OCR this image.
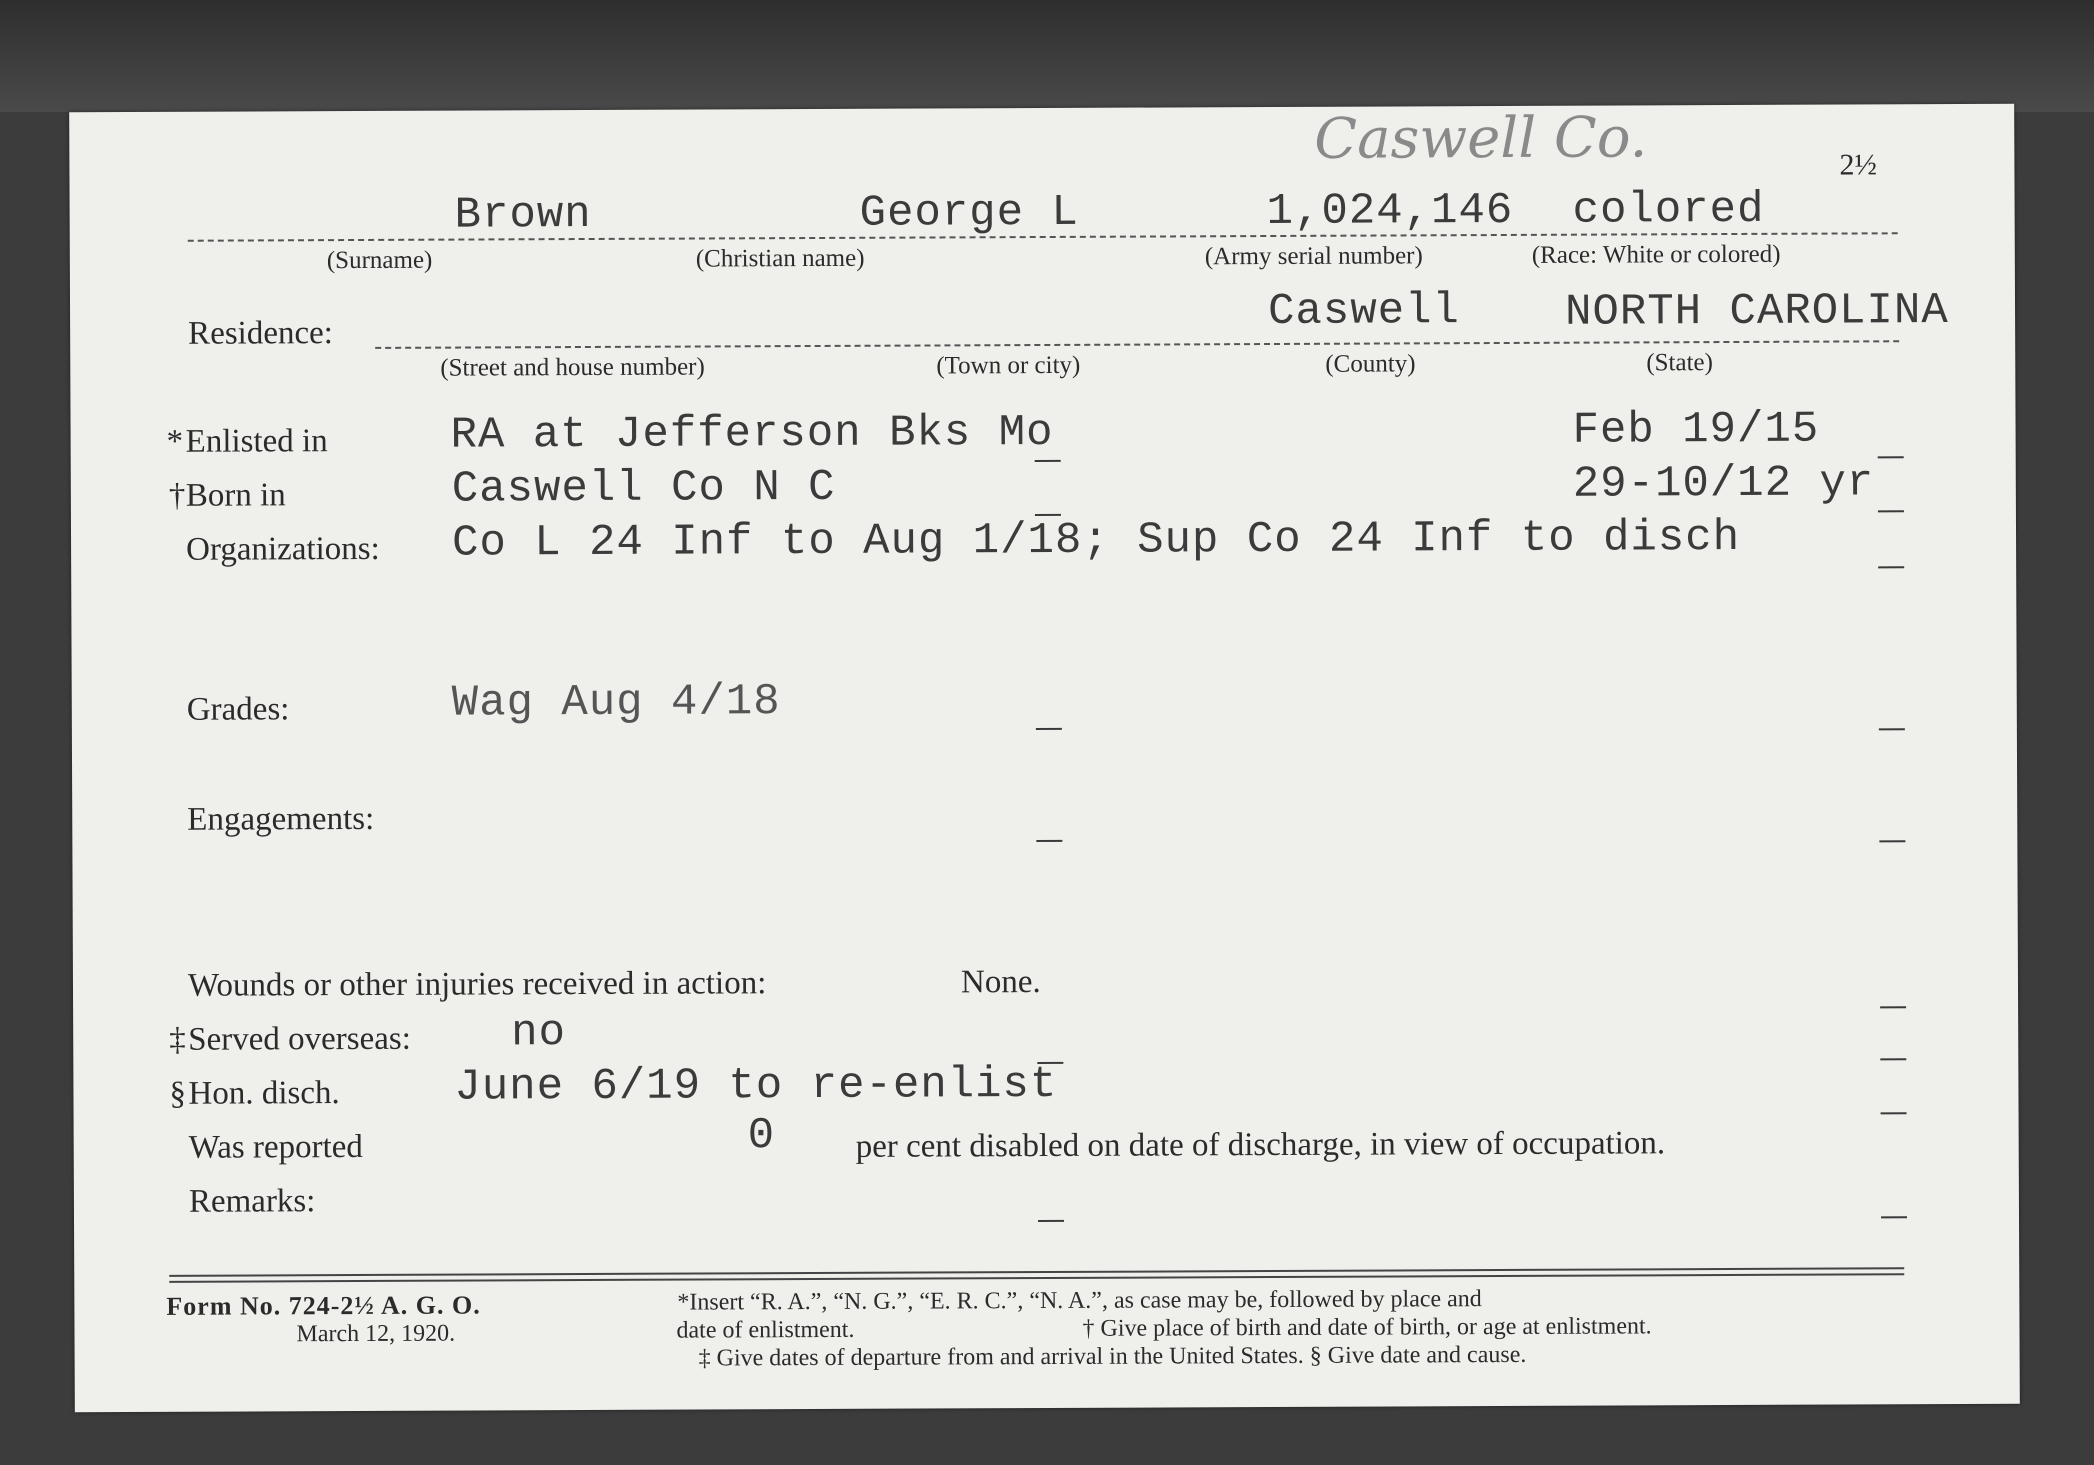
Caswell Co.	2½
Brown	George L	1,024,146 colored
(Surname)	(Christian name)	(Army serial number)	(Race: White or colored)
Residence:	Caswell NORTH CAROLINA
(Street and house number)	(Town or city)	(County)	(State)
* Enlisted in	RA at Jefferson Bks Mo	Feb 19/15
† Born in	Caswell Co N C	29-10/12 yr
Organizations: Co L 24 Inf to Aug 1/18; Sup Co 24 Inf to disch
Grades:	Wag Aug 4/18
Engagements:
Wounds or other injuries received in action:	None.
‡ Served overseas: no
§ Hon. disch.	June 6/19 to re-enlist
Was reported	0 per cent disabled on date of discharge, in view of occupation.
Remarks:
Form No. 724-2½ A. G. O.
March 12, 1920.
*Insert “R. A.”, “N. G.”, “E. R. C.”, “N. A.”, as case may be, followed by place and
date of enlistment.	† Give place of birth and date of birth, or age at enlistment.
‡ Give dates of departure from and arrival in the United States. § Give date and cause.
